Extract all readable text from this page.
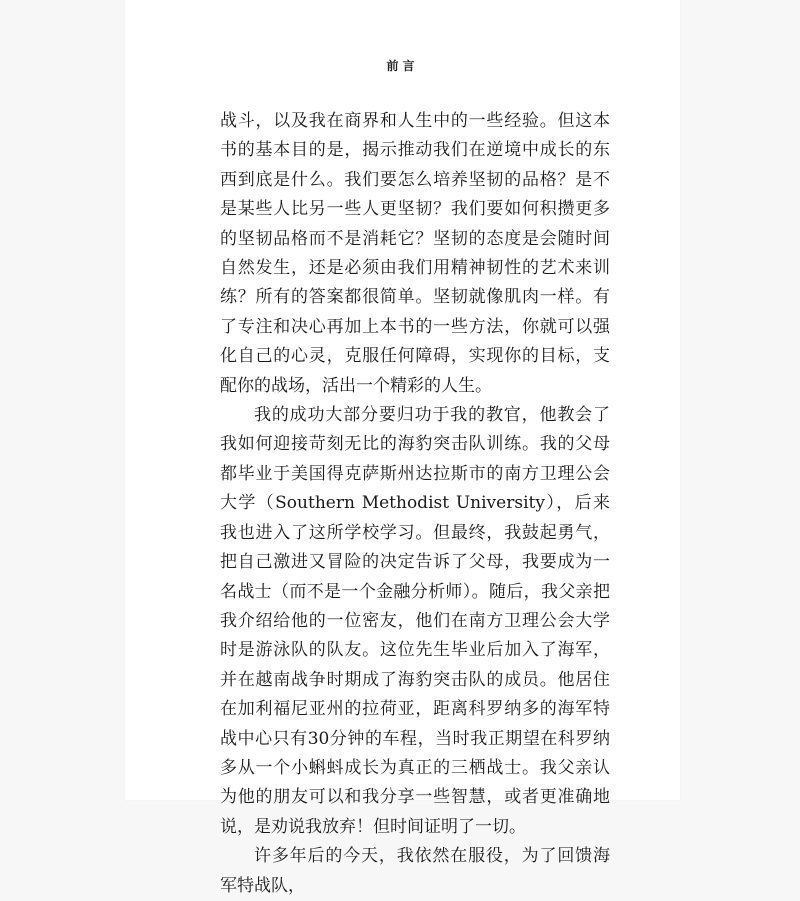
前言

战斗，以及我在商界和人生中的一些经验。但这本书的基本目的是，揭示推动我们在逆境中成长的东西到底是什么。我们要怎么培养坚韧的品格？是不是某些人比另一些人更坚韧？我们要如何积攒更多的坚韧品格而不是消耗它？坚韧的态度是会随时间自然发生，还是必须由我们用精神韧性的艺术来训练？所有的答案都很简单。坚韧就像肌肉一样。有了专注和决心再加上本书的一些方法，你就可以强化自己的心灵，克服任何障碍，实现你的目标，支配你的战场，活出一个精彩的人生。

我的成功大部分要归功于我的教官，他教会了我如何迎接苛刻无比的海豹突击队训练。我的父母都毕业于美国得克萨斯州达拉斯市的南方卫理公会大学（Southern Methodist University），后来我也进入了这所学校学习。但最终，我鼓起勇气，把自己激进又冒险的决定告诉了父母，我要成为一名战士（而不是一个金融分析师）。随后，我父亲把我介绍给他的一位密友，他们在南方卫理公会大学时是游泳队的队友。这位先生毕业后加入了海军，并在越南战争时期成了海豹突击队的成员。他居住在加利福尼亚州的拉荷亚，距离科罗纳多的海军特战中心只有30分钟的车程，当时我正期望在科罗纳多从一个小蝌蚪成长为真正的三栖战士。我父亲认为他的朋友可以和我分享一些智慧，或者更准确地说，是劝说我放弃！但时间证明了一切。

许多年后的今天，我依然在服役，为了回馈海军特战队，
